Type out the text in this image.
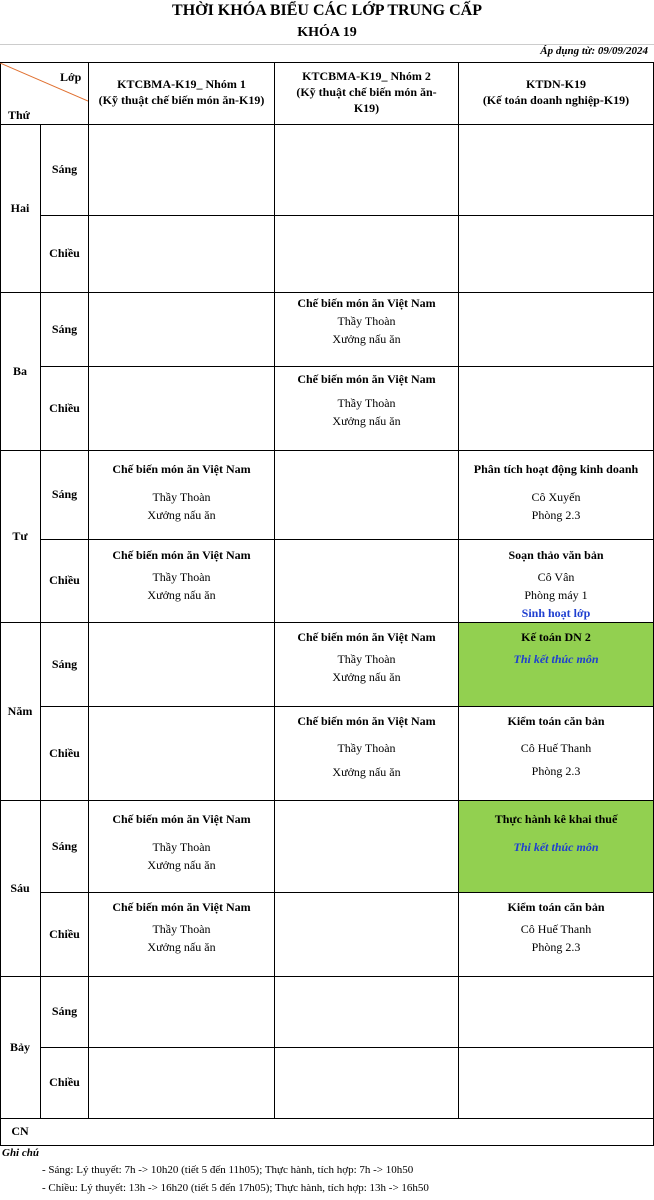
THỜI KHÓA BIỂU CÁC LỚP TRUNG CẤP
KHÓA 19
Áp dụng từ: 09/09/2024
Lớp
Thứ
KTCBMA-K19_ Nhóm 1
(Kỹ thuật chế biến món ăn-K19)
KTCBMA-K19_ Nhóm 2
(Kỹ thuật chế biến món ăn-
K19)
KTDN-K19
(Kế toán doanh nghiệp-K19)
Hai
Ba
Tư
Năm
Sáu
Bảy
CN
Sáng
Chiều
Sáng
Chiều
Sáng
Chiều
Sáng
Chiều
Sáng
Chiều
Sáng
Chiều
Chế biến món ăn Việt Nam
Thầy Thoàn
Xưởng nấu ăn
Chế biến món ăn Việt Nam
Thầy Thoàn
Xưởng nấu ăn
Chế biến món ăn Việt Nam
Thầy Thoàn
Xưởng nấu ăn
Phân tích hoạt động kinh doanh
Cô Xuyến
Phòng 2.3
Chế biến món ăn Việt Nam
Thầy Thoàn
Xưởng nấu ăn
Soạn thảo văn bản
Cô Vân
Phòng máy 1
Sinh hoạt lớp
Chế biến món ăn Việt Nam
Thầy Thoàn
Xưởng nấu ăn
Kế toán DN 2
Thi kết thúc môn
Chế biến món ăn Việt Nam
Thầy Thoàn
Xưởng nấu ăn
Kiểm toán căn bản
Cô Huế Thanh
Phòng 2.3
Chế biến món ăn Việt Nam
Thầy Thoàn
Xưởng nấu ăn
Thực hành kê khai thuế
Thi kết thúc môn
Chế biến món ăn Việt Nam
Thầy Thoàn
Xưởng nấu ăn
Kiểm toán căn bản
Cô Huế Thanh
Phòng 2.3
Ghi chú
- Sáng: Lý thuyết: 7h -> 10h20 (tiết 5 đến 11h05); Thực hành, tích hợp: 7h -> 10h50
- Chiều: Lý thuyết: 13h -> 16h20 (tiết 5 đến 17h05); Thực hành, tích hợp: 13h -> 16h50
